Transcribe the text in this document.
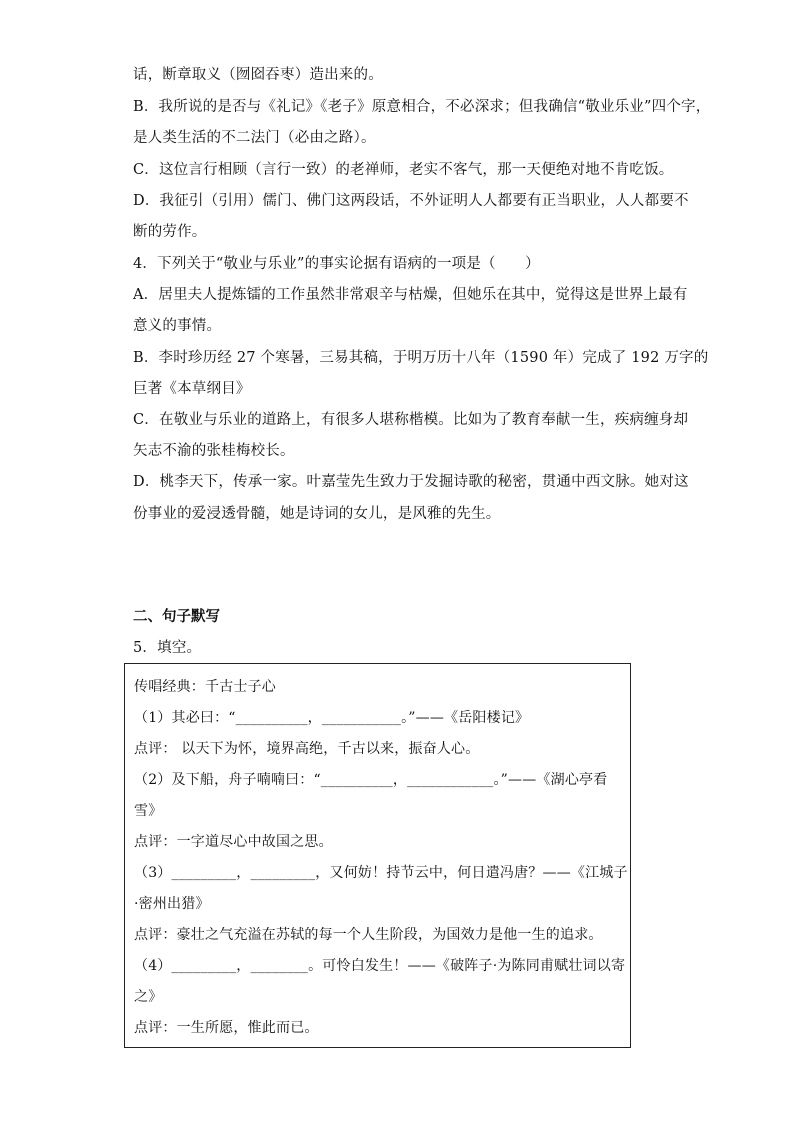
话，断章取义（囫囵吞枣）造出来的。
B．我所说的是否与《礼记》《老子》原意相合，不必深求；但我确信“敬业乐业”四个字，
是人类生活的不二法门（必由之路）。
C．这位言行相顾（言行一致）的老禅师，老实不客气，那一天便绝对地不肯吃饭。
D．我征引（引用）儒门、佛门这两段话，不外证明人人都要有正当职业，人人都要不
断的劳作。
4．下列关于“敬业与乐业”的事实论据有语病的一项是（　　）
A．居里夫人提炼镭的工作虽然非常艰辛与枯燥，但她乐在其中，觉得这是世界上最有
意义的事情。
B．李时珍历经 27 个寒暑，三易其稿，于明万历十八年（1590 年）完成了 192 万字的
巨著《本草纲目》
C．在敬业与乐业的道路上，有很多人堪称楷模。比如为了教育奉献一生，疾病缠身却
矢志不渝的张桂梅校长。
D．桃李天下，传承一家。叶嘉莹先生致力于发掘诗歌的秘密，贯通中西文脉。她对这
份事业的爱浸透骨髓，她是诗词的女儿，是风雅的先生。
二、句子默写
5．填空。
传唱经典：千古士子心
（1）其必曰：“__________，___________。”——《岳阳楼记》
点评： 以天下为怀，境界高绝，千古以来，振奋人心。
（2）及下船，舟子喃喃曰：“__________，____________。”——《湖心亭看
雪》
点评：一字道尽心中故国之思。
（3）_________，_________，又何妨！持节云中，何日遣冯唐？——《江城子
·密州出猎》
点评：豪壮之气充溢在苏轼的每一个人生阶段，为国效力是他一生的追求。
（4）_________，________。可怜白发生！——《破阵子·为陈同甫赋壮词以寄
之》
点评：一生所愿，惟此而已。
